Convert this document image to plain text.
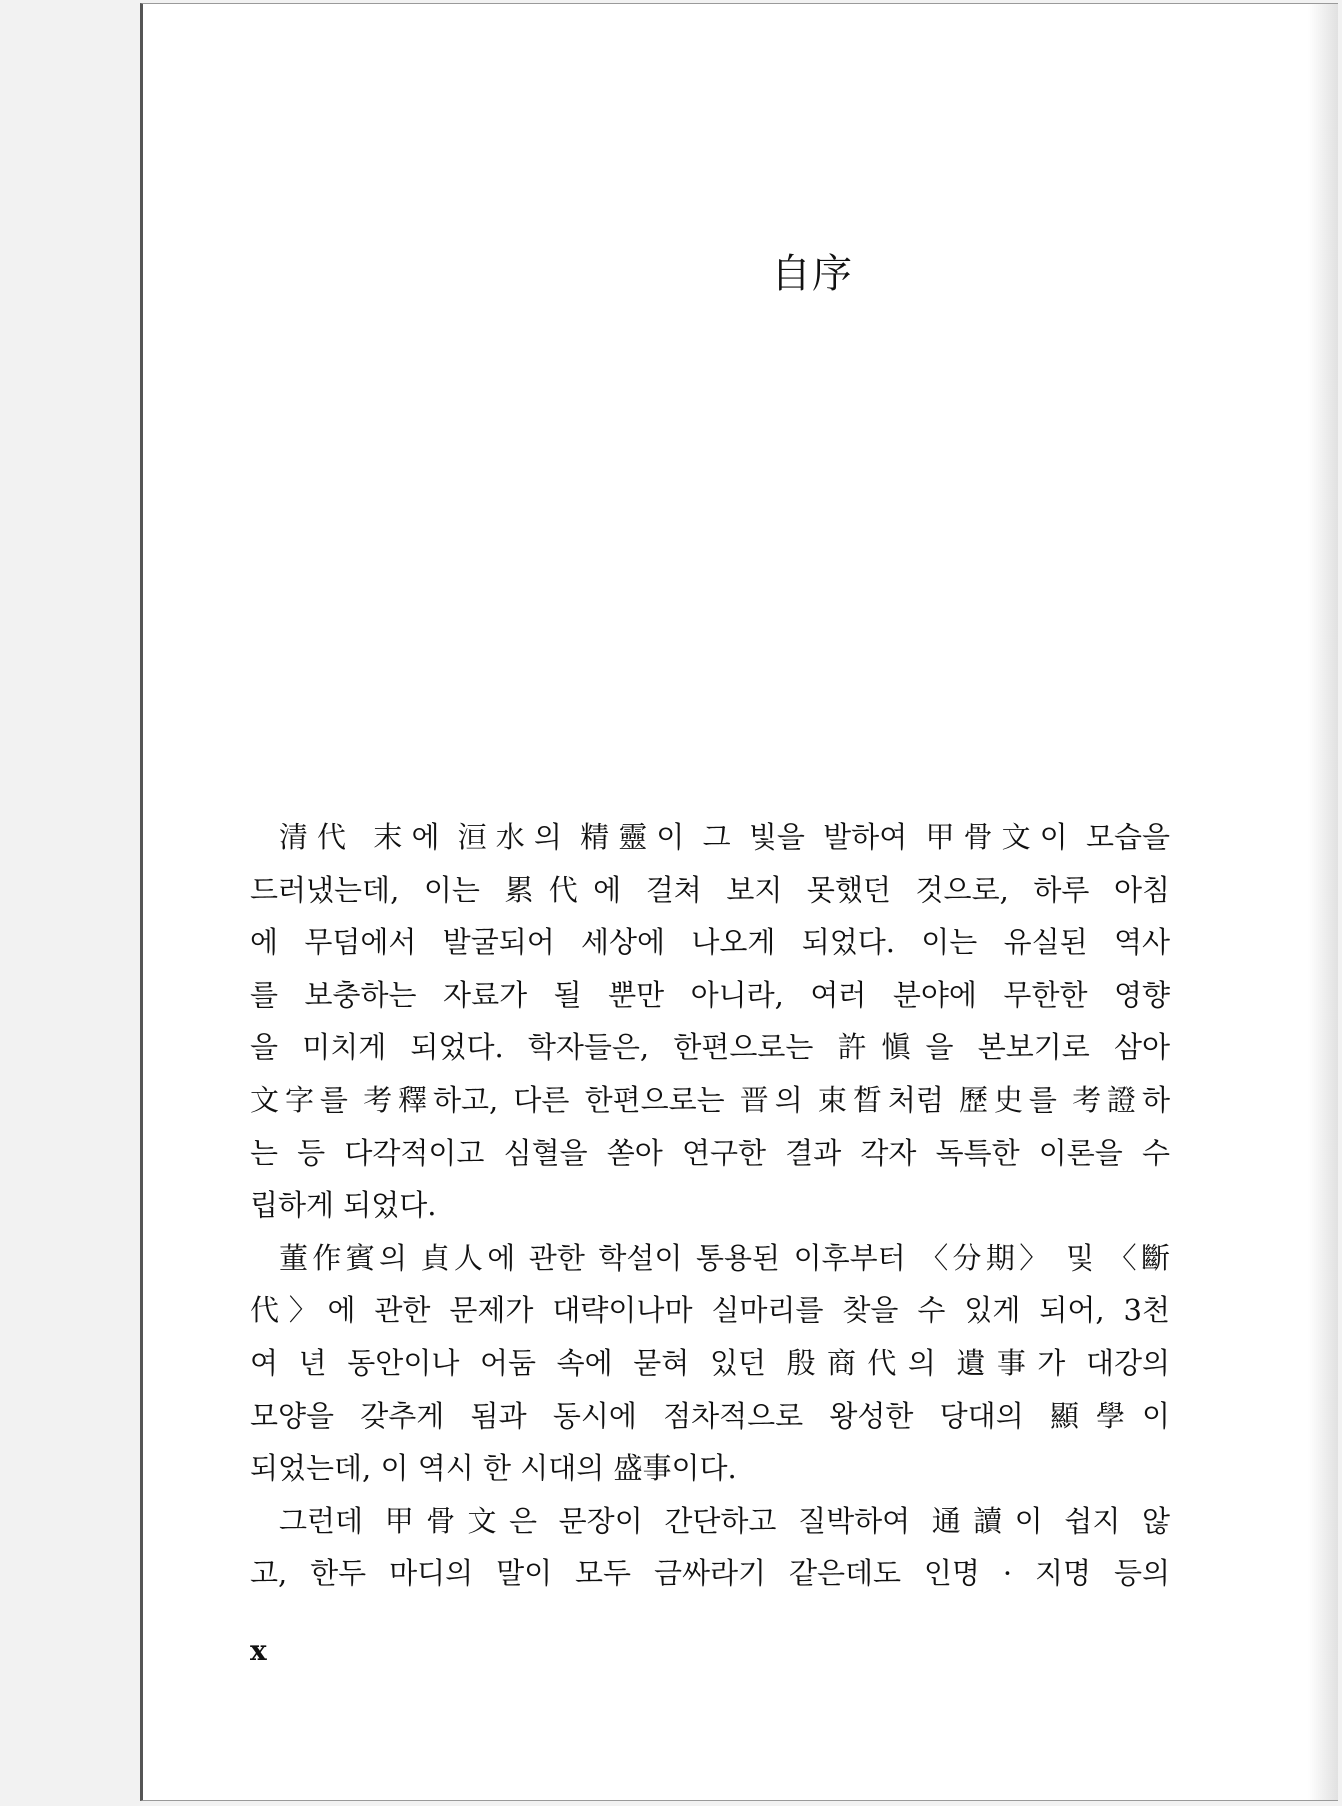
自序

清代 末에 洹水의 精靈이 그 빛을 발하여 甲骨文이 모습을
드러냈는데, 이는 累代에 걸쳐 보지 못했던 것으로, 하루 아침
에 무덤에서 발굴되어 세상에 나오게 되었다. 이는 유실된 역사
를 보충하는 자료가 될 뿐만 아니라, 여러 분야에 무한한 영향
을 미치게 되었다. 학자들은, 한편으로는 許愼을 본보기로 삼아
文字를 考釋하고, 다른 한편으로는 晋의 束晳처럼 歷史를 考證하
는 등 다각적이고 심혈을 쏟아 연구한 결과 각자 독특한 이론을 수
립하게 되었다.

董作賓의 貞人에 관한 학설이 통용된 이후부터 〈分期〉 및 〈斷
代〉에 관한 문제가 대략이나마 실마리를 찾을 수 있게 되어, 3천
여 년 동안이나 어둠 속에 묻혀 있던 殷商代의 遺事가 대강의
모양을 갖추게 됨과 동시에 점차적으로 왕성한 당대의 顯學이
되었는데, 이 역시 한 시대의 盛事이다.

그런데 甲骨文은 문장이 간단하고 질박하여 通讀이 쉽지 않
고, 한두 마디의 말이 모두 금싸라기 같은데도 인명 · 지명 등의

x
